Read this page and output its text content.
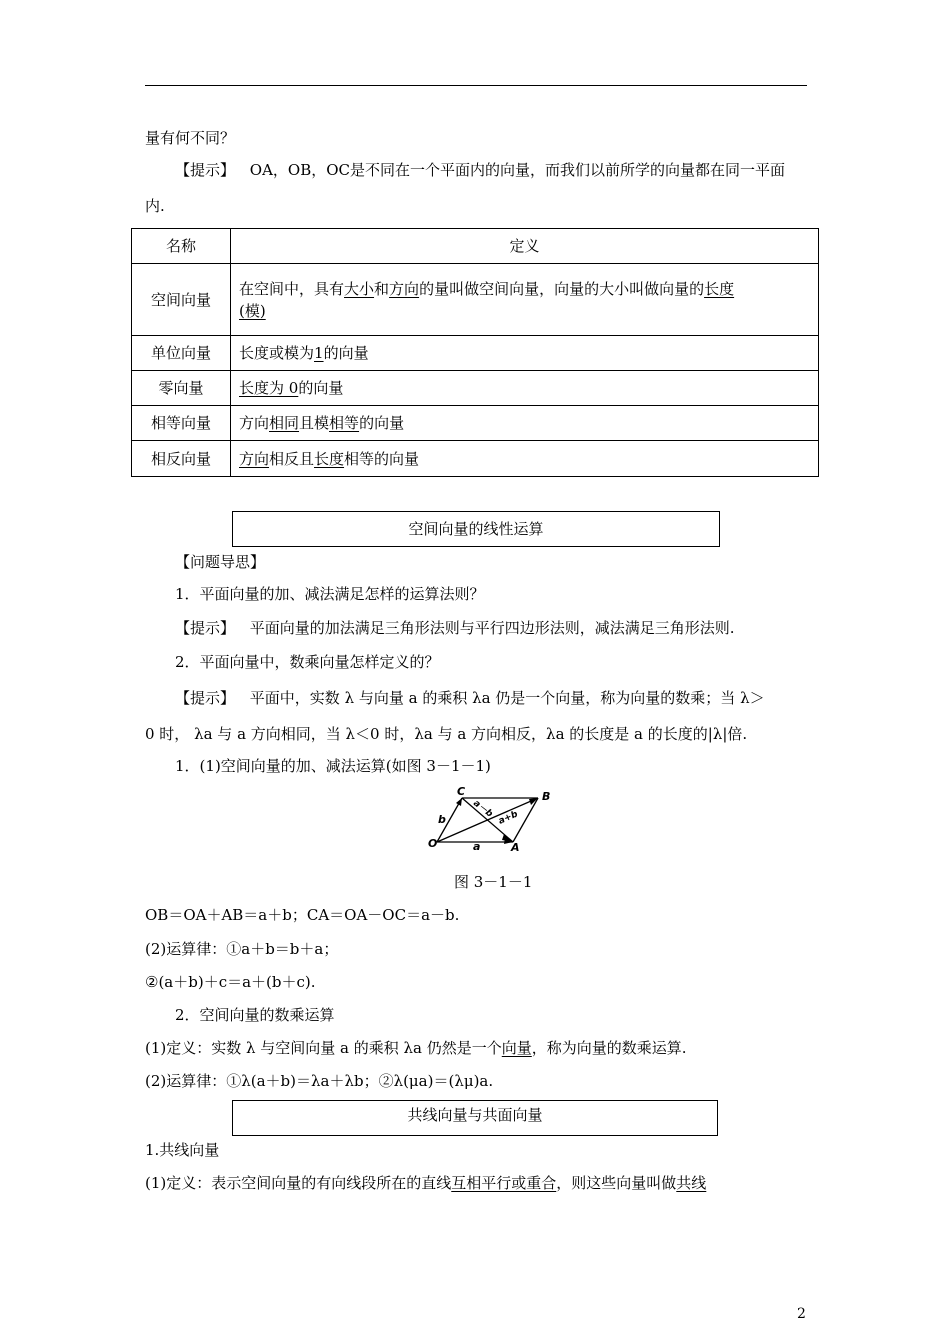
量有何不同？
【提示】 OA，OB，OC是不同在一个平面内的向量，而我们以前所学的向量都在同一平面
内.
名称	定义
空间向量	在空间中，具有大小和方向的量叫做空间向量，向量的大小叫做向量的长度
(模)
单位向量	长度或模为1的向量
零向量	长度为 0的向量
相等向量	方向相同且模相等的向量
相反向量	方向相反且长度相等的向量
空间向量的线性运算
【问题导思】
1．平面向量的加、减法满足怎样的运算法则？
【提示】 平面向量的加法满足三角形法则与平行四边形法则，减法满足三角形法则.
2．平面向量中，数乘向量怎样定义的？
【提示】 平面中，实数 λ 与向量 a 的乘积 λa 仍是一个向量，称为向量的数乘；当 λ＞
0 时， λa 与 a 方向相同，当 λ＜0 时，λa 与 a 方向相反，λa 的长度是 a 的长度的|λ|倍.
1．(1)空间向量的加、减法运算(如图 3－1－1)
C	B
O	A
a
b	a－b a+b
图 3－1－1
OB＝OA＋AB＝a＋b；CA＝OA－OC＝a－b.
(2)运算律：①a＋b＝b＋a；
②(a＋b)＋c＝a＋(b＋c).
2．空间向量的数乘运算
(1)定义：实数 λ 与空间向量 a 的乘积 λa 仍然是一个向量，称为向量的数乘运算.
(2)运算律：①λ(a＋b)＝λa＋λb；②λ(μa)＝(λμ)a.
共线向量与共面向量
1.共线向量
(1)定义：表示空间向量的有向线段所在的直线互相平行或重合，则这些向量叫做共线
2
